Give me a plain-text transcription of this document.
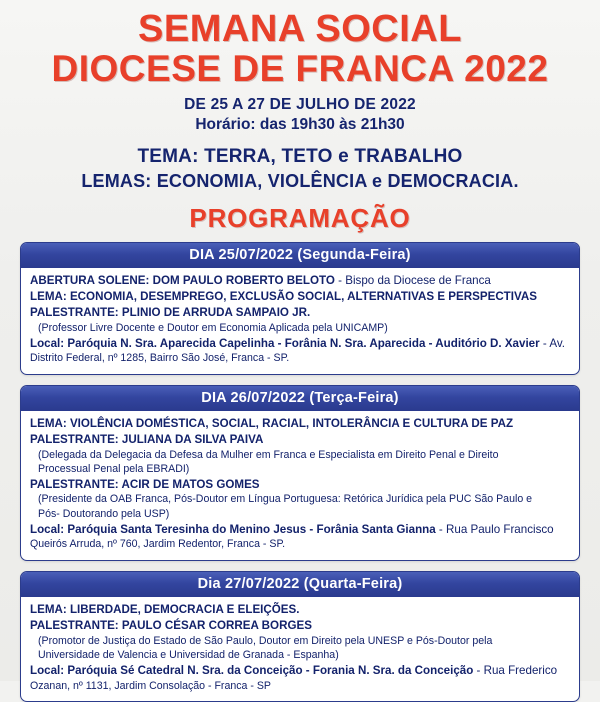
SEMANA SOCIAL
DIOCESE DE FRANCA 2022
DE 25 A 27 DE JULHO DE 2022
Horário: das 19h30 às 21h30
TEMA: TERRA, TETO e TRABALHO
LEMAS: ECONOMIA, VIOLÊNCIA e DEMOCRACIA.
PROGRAMAÇÃO
DIA 25/07/2022 (Segunda-Feira)
ABERTURA SOLENE: DOM PAULO ROBERTO BELOTO - Bispo da Diocese de Franca
LEMA: ECONOMIA, DESEMPREGO, EXCLUSÃO SOCIAL, ALTERNATIVAS E PERSPECTIVAS
PALESTRANTE: PLINIO DE ARRUDA SAMPAIO JR.
(Professor Livre Docente e Doutor em Economia Aplicada pela UNICAMP)
Local: Paróquia N. Sra. Aparecida Capelinha - Forânia N. Sra. Aparecida - Auditório D. Xavier - Av.
Distrito Federal, nº 1285, Bairro São José, Franca - SP.
DIA 26/07/2022 (Terça-Feira)
LEMA: VIOLÊNCIA DOMÉSTICA, SOCIAL, RACIAL, INTOLERÂNCIA E CULTURA DE PAZ
PALESTRANTE: JULIANA DA SILVA PAIVA
(Delegada da Delegacia da Defesa da Mulher em Franca e Especialista em Direito Penal e Direito
Processual Penal pela EBRADI)
PALESTRANTE: ACIR DE MATOS GOMES
(Presidente da OAB Franca, Pós-Doutor em Língua Portuguesa: Retórica Jurídica pela PUC São Paulo e
Pós- Doutorando pela USP)
Local: Paróquia Santa Teresinha do Menino Jesus - Forânia Santa Gianna - Rua Paulo Francisco
Queirós Arruda, nº 760, Jardim Redentor, Franca - SP.
Dia 27/07/2022 (Quarta-Feira)
LEMA: LIBERDADE, DEMOCRACIA E ELEIÇÕES.
PALESTRANTE: PAULO CÉSAR CORREA BORGES
(Promotor de Justiça do Estado de São Paulo, Doutor em Direito pela UNESP e Pós-Doutor pela
Universidade de Valencia e Universidad de Granada - Espanha)
Local: Paróquia Sé Catedral N. Sra. da Conceição - Forania N. Sra. da Conceição - Rua Frederico
Ozanan, nº 1131, Jardim Consolação - Franca - SP
